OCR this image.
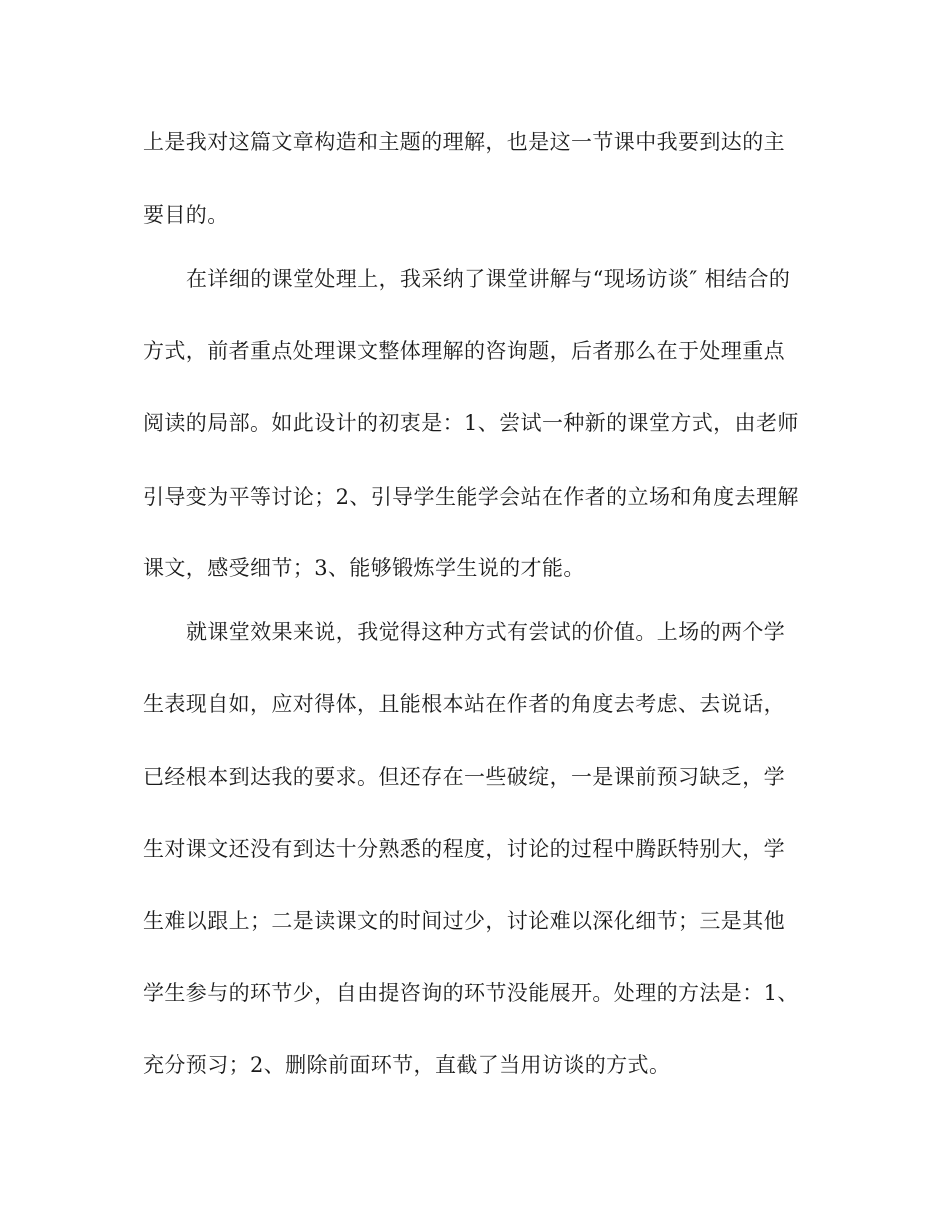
上是我对这篇文章构造和主题的理解，也是这一节课中我要到达的主
要目的。
在详细的课堂处理上，我采纳了课堂讲解与“现场访谈″ 相结合的
方式，前者重点处理课文整体理解的咨询题，后者那么在于处理重点
阅读的局部。如此设计的初衷是：1、尝试一种新的课堂方式，由老师
引导变为平等讨论；2、引导学生能学会站在作者的立场和角度去理解
课文，感受细节；3、能够锻炼学生说的才能。
就课堂效果来说，我觉得这种方式有尝试的价值。上场的两个学
生表现自如，应对得体，且能根本站在作者的角度去考虑、去说话，
已经根本到达我的要求。但还存在一些破绽，一是课前预习缺乏，学
生对课文还没有到达十分熟悉的程度，讨论的过程中腾跃特别大，学
生难以跟上；二是读课文的时间过少，讨论难以深化细节；三是其他
学生参与的环节少，自由提咨询的环节没能展开。处理的方法是：1、
充分预习；2、删除前面环节，直截了当用访谈的方式。
